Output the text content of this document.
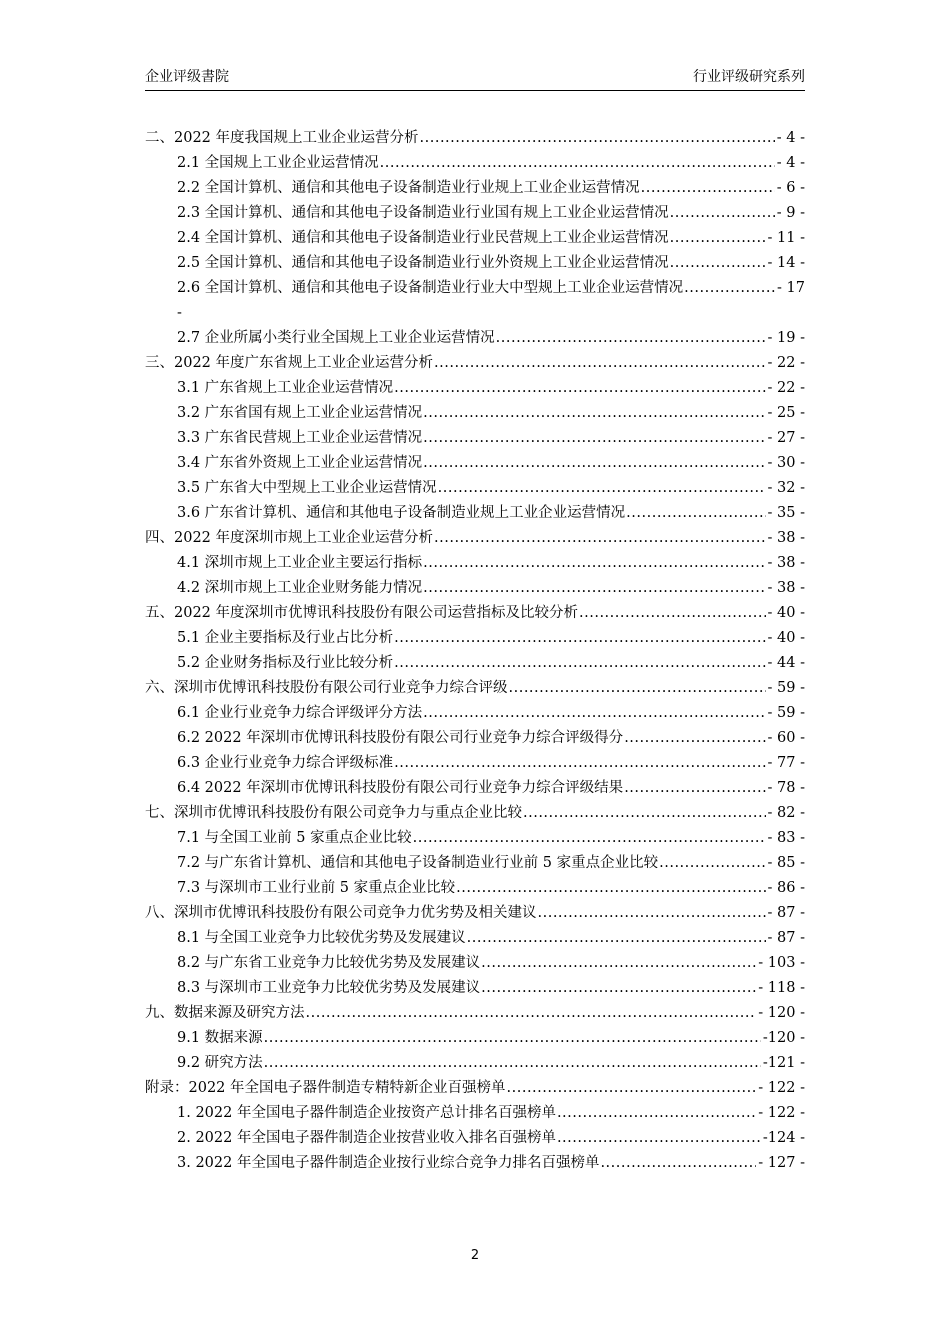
企业评级書院	行业评级研究系列
二、2022 年度我国规上工业企业运营分析 .....	- 4 -
2.1 全国规上工业企业运营情况 .....	- 4 -
2.2 全国计算机、通信和其他电子设备制造业行业规上工业企业运营情况 .....	- 6 -
2.3 全国计算机、通信和其他电子设备制造业行业国有规上工业企业运营情况 .....	- 9 -
2.4 全国计算机、通信和其他电子设备制造业行业民营规上工业企业运营情况 .....	- 11 -
2.5 全国计算机、通信和其他电子设备制造业行业外资规上工业企业运营情况 .....	- 14 -
2.6 全国计算机、通信和其他电子设备制造业行业大中型规上工业企业运营情况 .....	- 17
-
2.7 企业所属小类行业全国规上工业企业运营情况 .....	- 19 -
三、2022 年度广东省规上工业企业运营分析 .....	- 22 -
3.1 广东省规上工业企业运营情况 .....	- 22 -
3.2 广东省国有规上工业企业运营情况 .....	- 25 -
3.3 广东省民营规上工业企业运营情况 .....	- 27 -
3.4 广东省外资规上工业企业运营情况 .....	- 30 -
3.5 广东省大中型规上工业企业运营情况 .....	- 32 -
3.6 广东省计算机、通信和其他电子设备制造业规上工业企业运营情况 .....	- 35 -
四、2022 年度深圳市规上工业企业运营分析 .....	- 38 -
4.1 深圳市规上工业企业主要运行指标 .....	- 38 -
4.2 深圳市规上工业企业财务能力情况 .....	- 38 -
五、2022 年度深圳市优博讯科技股份有限公司运营指标及比较分析 .....	- 40 -
5.1 企业主要指标及行业占比分析 .....	- 40 -
5.2 企业财务指标及行业比较分析 .....	- 44 -
六、深圳市优博讯科技股份有限公司行业竞争力综合评级 .....	- 59 -
6.1 企业行业竞争力综合评级评分方法 .....	- 59 -
6.2 2022 年深圳市优博讯科技股份有限公司行业竞争力综合评级得分 .....	- 60 -
6.3 企业行业竞争力综合评级标准 .....	- 77 -
6.4 2022 年深圳市优博讯科技股份有限公司行业竞争力综合评级结果 .....	- 78 -
七、深圳市优博讯科技股份有限公司竞争力与重点企业比较 .....	- 82 -
7.1 与全国工业前 5 家重点企业比较 .....	- 83 -
7.2 与广东省计算机、通信和其他电子设备制造业行业前 5 家重点企业比较 .....	- 85 -
7.3 与深圳市工业行业前 5 家重点企业比较 .....	- 86 -
八、深圳市优博讯科技股份有限公司竞争力优劣势及相关建议 .....	- 87 -
8.1 与全国工业竞争力比较优劣势及发展建议 .....	- 87 -
8.2 与广东省工业竞争力比较优劣势及发展建议 .....	- 103 -
8.3 与深圳市工业竞争力比较优劣势及发展建议 .....	- 118 -
九、数据来源及研究方法 .....	- 120 -
9.1 数据来源 .....	-120 -
9.2 研究方法 .....	-121 -
附录：2022 年全国电子器件制造专精特新企业百强榜单 .....	- 122 -
1. 2022 年全国电子器件制造企业按资产总计排名百强榜单 .....	- 122 -
2. 2022 年全国电子器件制造企业按营业收入排名百强榜单 .....	-124 -
3. 2022 年全国电子器件制造企业按行业综合竞争力排名百强榜单 .....	- 127 -
2
